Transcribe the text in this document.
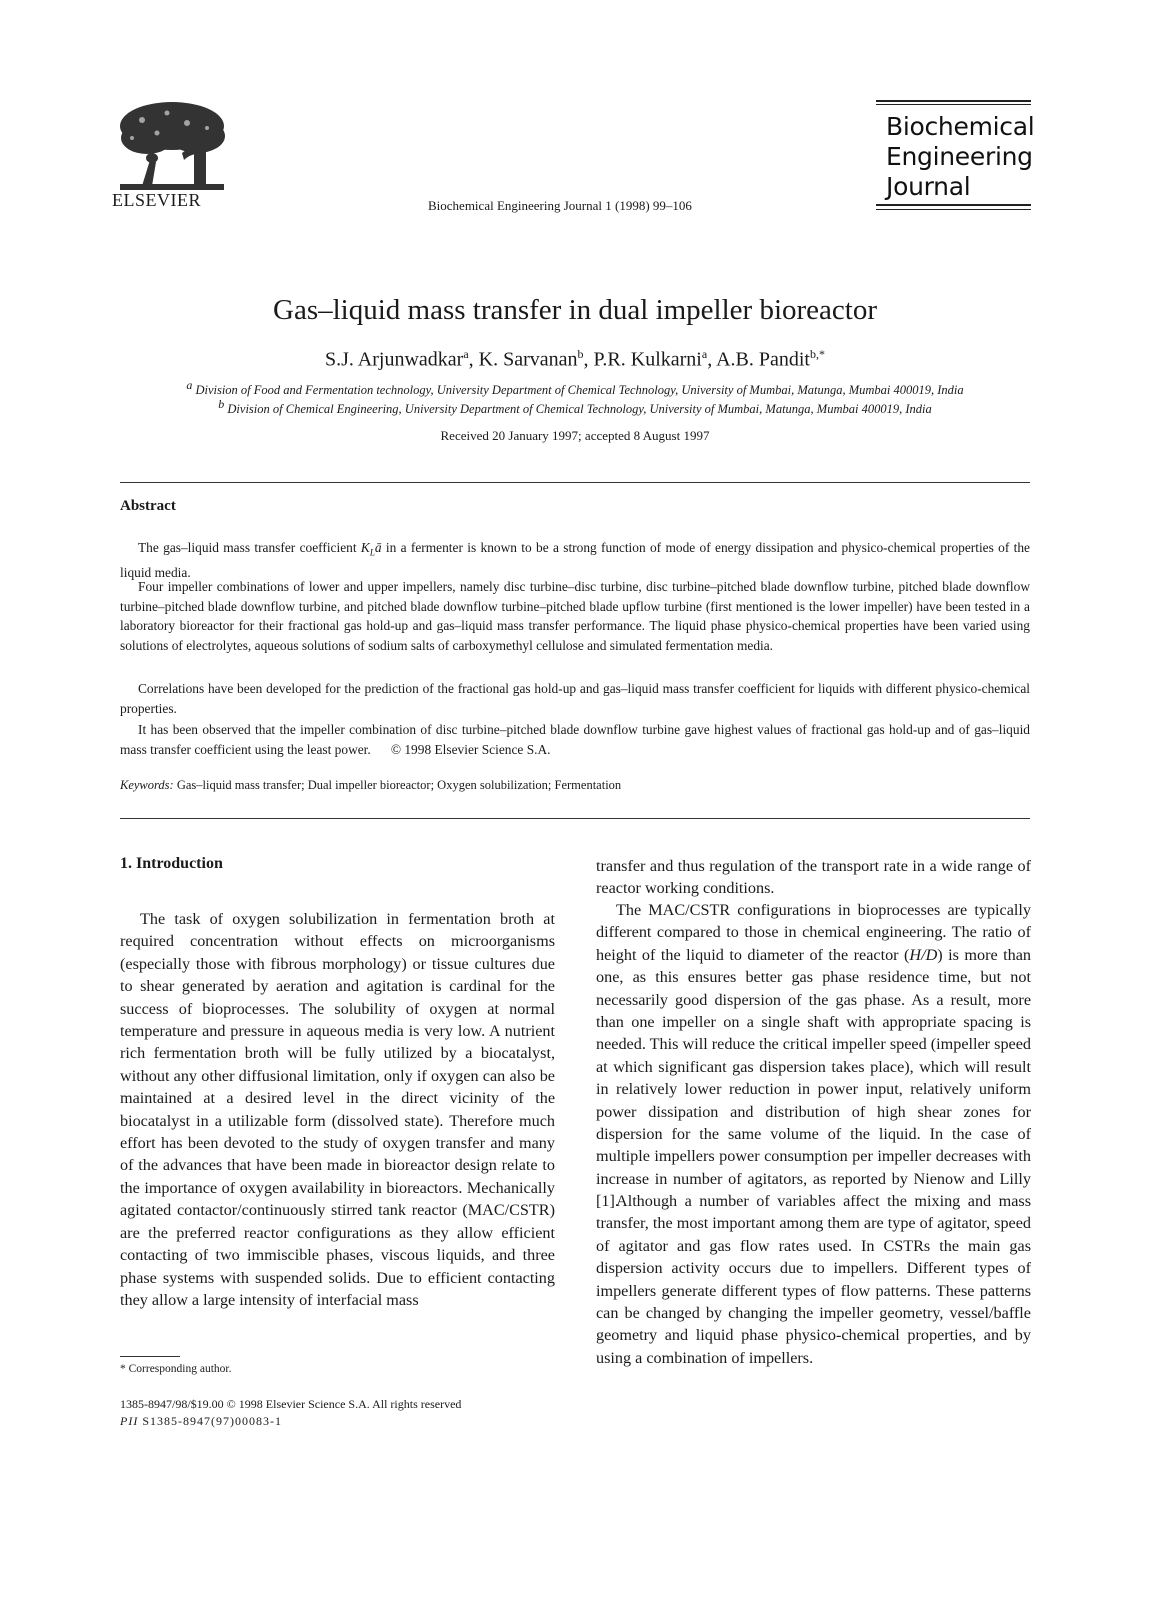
ELSEVIER	Biochemical Engineering Journal 1 (1998) 99–106
Biochemical
Engineering
Journal
Gas–liquid mass transfer in dual impeller bioreactor
S.J. Arjunwadkar$^a$, K. Sarvanan$^b$, P.R. Kulkarni$^a$, A.B. Pandit$^{b,*}$
$^a$ Division of Food and Fermentation technology, University Department of Chemical Technology, University of Mumbai, Matunga, Mumbai 400019, India
$^b$ Division of Chemical Engineering, University Department of Chemical Technology, University of Mumbai, Matunga, Mumbai 400019, India
Received 20 January 1997; accepted 8 August 1997
Abstract

The gas–liquid mass transfer coefficient $K_Lā$ in a fermenter is known to be a strong function of mode of energy dissipation and physico-chemical properties of the liquid media.

Four impeller combinations of lower and upper impellers, namely disc turbine–disc turbine, disc turbine–pitched blade downflow turbine, pitched blade downflow turbine–pitched blade downflow turbine, and pitched blade downflow turbine–pitched blade upflow turbine (first mentioned is the lower impeller) have been tested in a laboratory bioreactor for their fractional gas hold-up and gas–liquid mass transfer performance. The liquid phase physico-chemical properties have been varied using solutions of electrolytes, aqueous solutions of sodium salts of carboxymethyl cellulose and simulated fermentation media.

Correlations have been developed for the prediction of the fractional gas hold-up and gas–liquid mass transfer coefficient for liquids with different physico-chemical properties.

It has been observed that the impeller combination of disc turbine–pitched blade downflow turbine gave highest values of fractional gas hold-up and of gas–liquid mass transfer coefficient using the least power. © 1998 Elsevier Science S.A.

Keywords: Gas–liquid mass transfer; Dual impeller bioreactor; Oxygen solubilization; Fermentation
1. Introduction

The task of oxygen solubilization in fermentation broth at required concentration without effects on microorganisms (especially those with fibrous morphology) or tissue cultures due to shear generated by aeration and agitation is cardinal for the success of bioprocesses. The solubility of oxygen at normal temperature and pressure in aqueous media is very low. A nutrient rich fermentation broth will be fully utilized by a biocatalyst, without any other diffusional limitation, only if oxygen can also be maintained at a desired level in the direct vicinity of the biocatalyst in a utilizable form (dissolved state). Therefore much effort has been devoted to the study of oxygen transfer and many of the advances that have been made in bioreactor design relate to the importance of oxygen availability in bioreactors. Mechanically agitated contactor/continuously stirred tank reactor (MAC/CSTR) are the preferred reactor configurations as they allow efficient contacting of two immiscible phases, viscous liquids, and three phase systems with suspended solids. Due to efficient contacting they allow a large intensity of interfacial mass

transfer and thus regulation of the transport rate in a wide range of reactor working conditions.

The MAC/CSTR configurations in bioprocesses are typically different compared to those in chemical engineering. The ratio of height of the liquid to diameter of the reactor (H/D) is more than one, as this ensures better gas phase residence time, but not necessarily good dispersion of the gas phase. As a result, more than one impeller on a single shaft with appropriate spacing is needed. This will reduce the critical impeller speed (impeller speed at which significant gas dispersion takes place), which will result in relatively lower reduction in power input, relatively uniform power dissipation and distribution of high shear zones for dispersion for the same volume of the liquid. In the case of multiple impellers power consumption per impeller decreases with increase in number of agitators, as reported by Nienow and Lilly [1].

Although a number of variables affect the mixing and mass transfer, the most important among them are type of agitator, speed of agitator and gas flow rates used. In CSTRs the main gas dispersion activity occurs due to impellers. Different types of impellers generate different types of flow patterns. These patterns can be changed by changing the impeller geometry, vessel/baffle geometry and liquid phase physico-chemical properties, and by using a combination of impellers.

* Corresponding author.
1385-8947/98/$19.00 © 1998 Elsevier Science S.A. All rights reserved
PII S1385-8947(97)00083-1
